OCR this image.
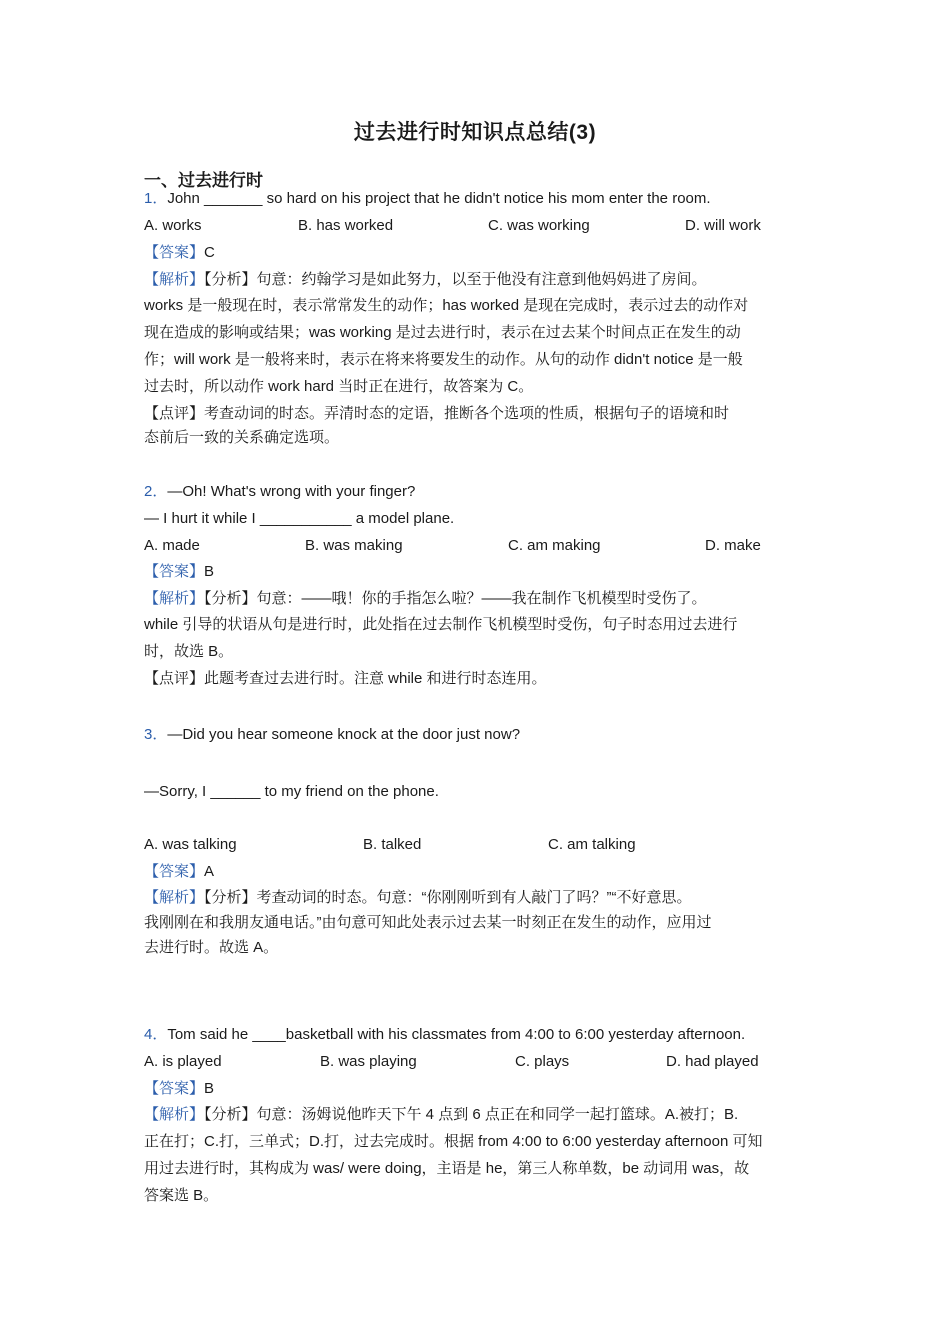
过去进行时知识点总结(3)
一、过去进行时
1．John _______ so hard on his project that he didn't notice his mom enter the room.
A. works	B. has worked	C. was working	D. will work
【答案】C
【解析】【分析】句意：约翰学习是如此努力，以至于他没有注意到他妈妈进了房间。
works 是一般现在时，表示常常发生的动作；has worked 是现在完成时，表示过去的动作对
现在造成的影响或结果；was working 是过去进行时，表示在过去某个时间点正在发生的动
作；will work 是一般将来时，表示在将来将要发生的动作。从句的动作 didn't notice 是一般
过去时，所以动作 work hard 当时正在进行，故答案为 C。
【点评】考查动词的时态。弄清时态的定语，推断各个选项的性质，根据句子的语境和时
态前后一致的关系确定选项。
2．—Oh! What's wrong with your finger?
— I hurt it while I ___________ a model plane.
A. made	B. was making	C. am making	D. make
【答案】B
【解析】【分析】句意：——哦！你的手指怎么啦？——我在制作飞机模型时受伤了。
while 引导的状语从句是进行时，此处指在过去制作飞机模型时受伤，句子时态用过去进行
时，故选 B。
【点评】此题考查过去进行时。注意 while 和进行时态连用。
3．—Did you hear someone knock at the door just now?
—Sorry, I ______ to my friend on the phone.
A. was talking	B. talked	C. am talking
【答案】A
【解析】【分析】考查动词的时态。句意：“你刚刚听到有人敲门了吗？”“不好意思。
我刚刚在和我朋友通电话。”由句意可知此处表示过去某一时刻正在发生的动作，应用过
去进行时。故选 A。
4．Tom said he ____basketball with his classmates from 4:00 to 6:00 yesterday afternoon.
A. is played	B. was playing	C. plays	D. had played
【答案】B
【解析】【分析】句意：汤姆说他昨天下午 4 点到 6 点正在和同学一起打篮球。A.被打；B.
正在打；C.打，三单式；D.打，过去完成时。根据 from 4:00 to 6:00 yesterday afternoon 可知
用过去进行时，其构成为 was/ were doing，主语是 he，第三人称单数，be 动词用 was，故
答案选 B。
